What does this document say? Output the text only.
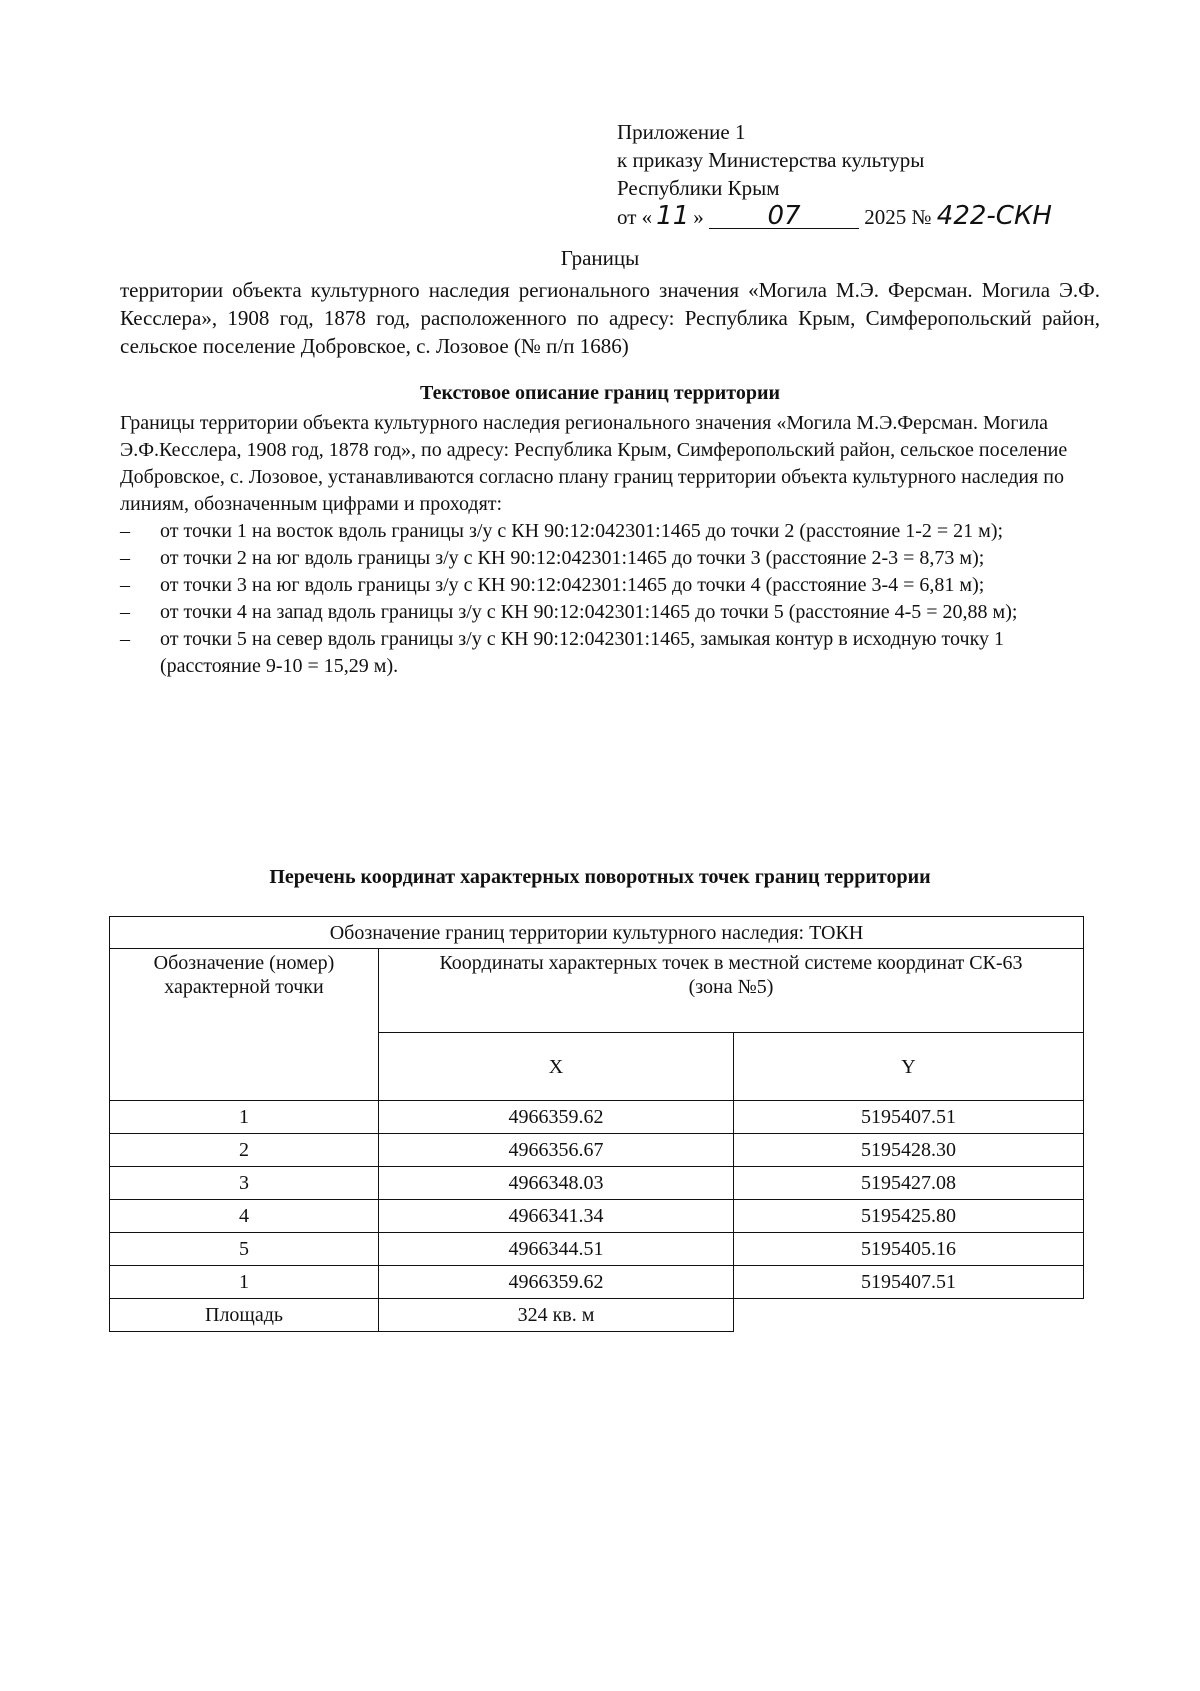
Приложение 1
к приказу Министерства культуры
Республики Крым
от « 11 » 07	2025 № 422-СКН
Границы
территории объекта культурного наследия регионального значения «Могила М.Э. Ферсман. Могила Э.Ф. Кесслера», 1908 год, 1878 год, расположенного по адресу: Республика Крым, Симферопольский район, сельское поселение Добровское, с. Лозовое (№ п/п 1686)
Текстовое описание границ территории
Границы территории объекта культурного наследия регионального значения «Могила М.Э.Ферсман. Могила Э.Ф.Кесслера, 1908 год, 1878 год», по адресу: Республика Крым, Симферопольский район, сельское поселение Добровское, с. Лозовое, устанавливаются согласно плану границ территории объекта культурного наследия по линиям, обозначенным цифрами и проходят:
– от точки 1 на восток вдоль границы з/у с КН 90:12:042301:1465 до точки 2 (расстояние 1-2 = 21 м);
– от точки 2 на юг вдоль границы з/у с КН 90:12:042301:1465 до точки 3 (расстояние 2-3 = 8,73 м);
– от точки 3 на юг вдоль границы з/у с КН 90:12:042301:1465 до точки 4 (расстояние 3-4 = 6,81 м);
– от точки 4 на запад вдоль границы з/у с КН 90:12:042301:1465 до точки 5 (расстояние 4-5 = 20,88 м);
– от точки 5 на север вдоль границы з/у с КН 90:12:042301:1465, замыкая контур в исходную точку 1 (расстояние 9-10 = 15,29 м).
Перечень координат характерных поворотных точек границ территории
Обозначение границ территории культурного наследия: ТОКН		
Обозначение (номер) характерной точки	Координаты характерных точек в местной системе координат СК-63 (зона №5)	
	X	Y
1	4966359.62	5195407.51
2	4966356.67	5195428.30
3	4966348.03	5195427.08
4	4966341.34	5195425.80
5	4966344.51	5195405.16
1	4966359.62	5195407.51
Площадь	324 кв. м	
